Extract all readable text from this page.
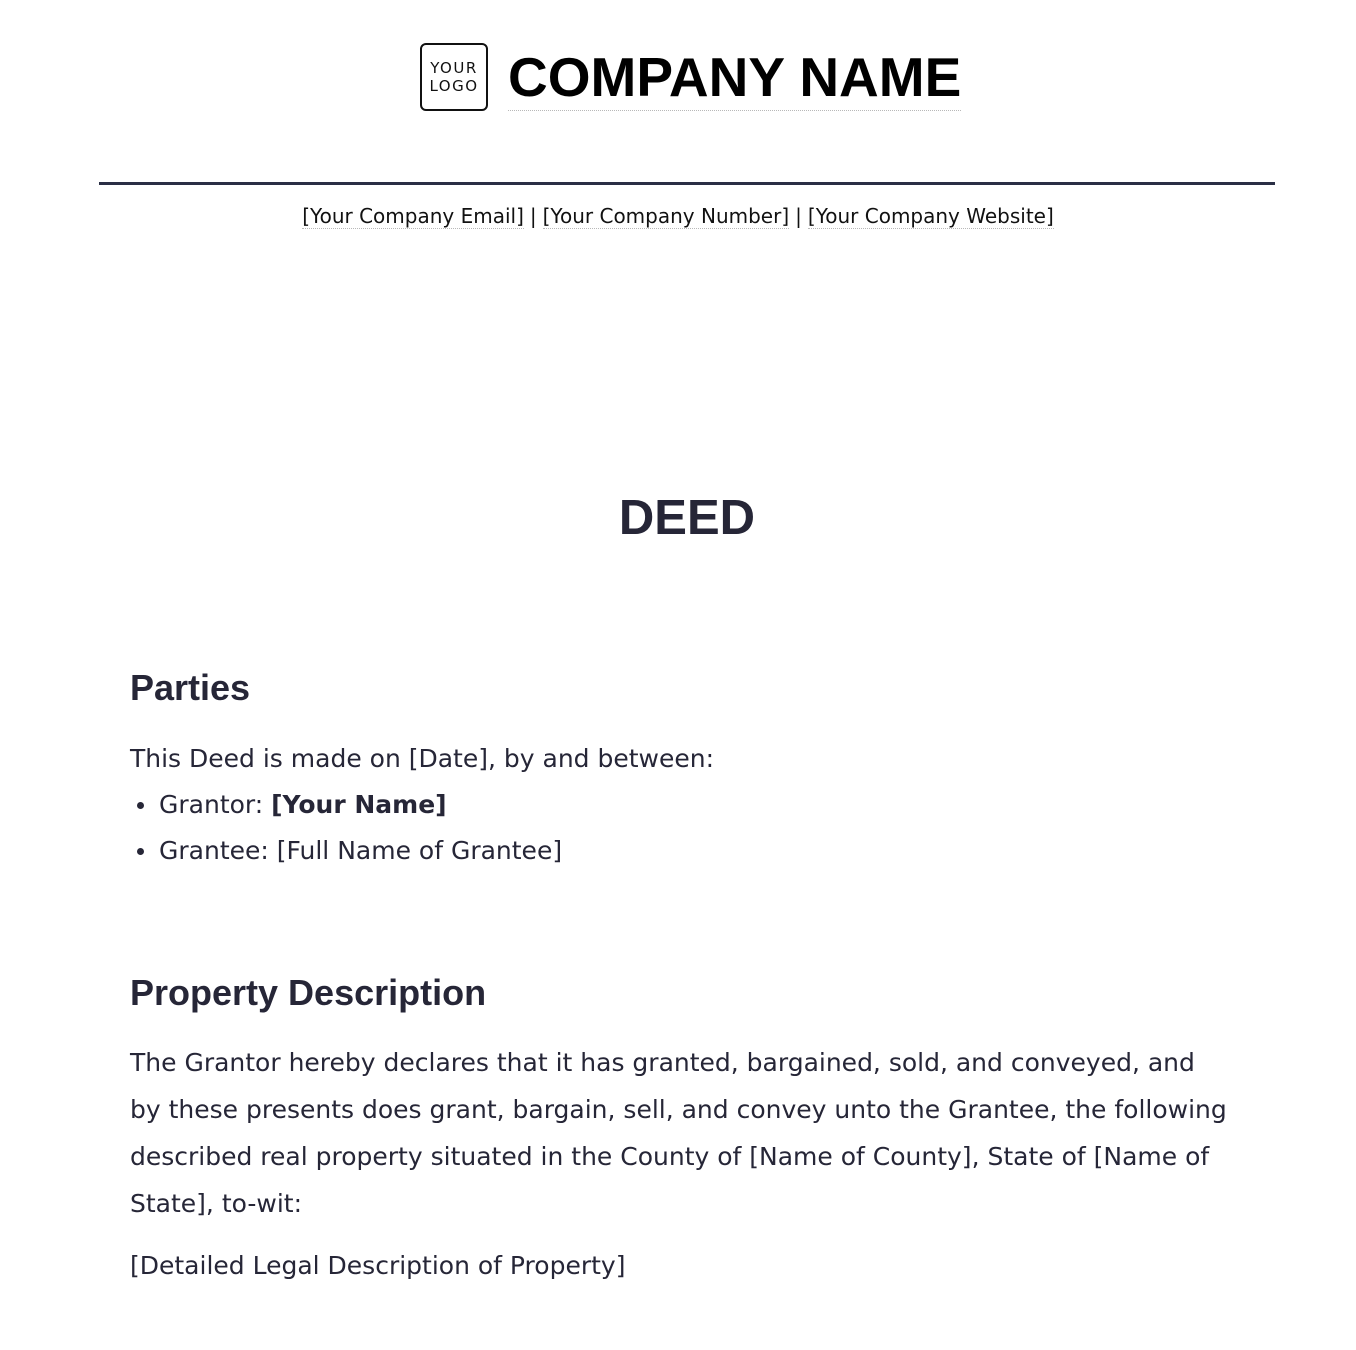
YOUR
LOGO COMPANY NAME
[Your Company Email] | [Your Company Number] | [Your Company Website]
DEED
Parties

This Deed is made on [Date], by and between:

Grantor: [Your Name]
Grantee: [Full Name of Grantee]
Property Description

The Grantor hereby declares that it has granted, bargained, sold, and conveyed, and by these presents does grant, bargain, sell, and convey unto the Grantee, the following described real property situated in the County of [Name of County], State of [Name of State], to-wit:

[Detailed Legal Description of Property]
